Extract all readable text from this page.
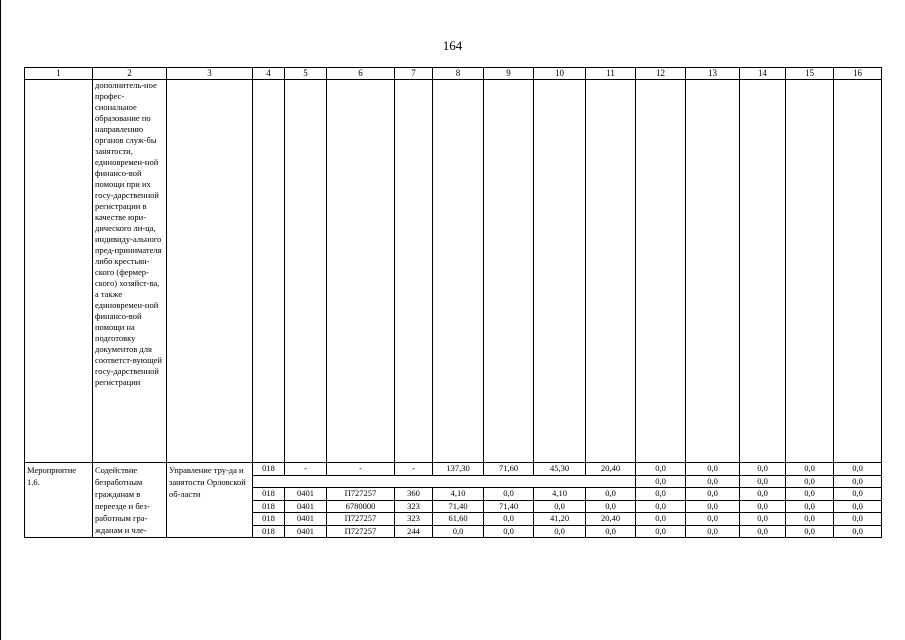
164
1	2	3	4	5	6	7	8	9	10	11	12	13	14	15	16
	дополнитель-ное профес-сиональное образование по направлению органов служ-бы занятости, единовремен-ной финансо-вой помощи при их госу-дарственной регистрации в качестве юри-дического ли-ца, индивиду-ального пред-принимателя либо крестьян-ского (фермер-ского) хозяйст-ва, а также единовремен-ной финансо-вой помощи на подготовку документов для соответст-вующей госу-дарственной регистрации														
Мероприятие 1.6.	Содействие безработным гражданам в переезде и без-работным гра-жданам и чле-	Управление тру-да и занятости Орловской об-ласти	018	-	-	-	137,30	71,60	45,30	20,40	0,0	0,0	0,0	0,0	0,0
											0,0	0,0	0,0	0,0	0,0
			018	0401	П727257	360	4,10	0,0	4,10	0,0	0,0	0,0	0,0	0,0	0,0
			018	0401	6780000	323	71,40	71,40	0,0	0,0	0,0	0,0	0,0	0,0	0,0
			018	0401	П727257	323	61,60	0,0	41,20	20,40	0,0	0,0	0,0	0,0	0,0
			018	0401	П727257	244	0,0	0,0	0,0	0,0	0,0	0,0	0,0	0,0	0,0
